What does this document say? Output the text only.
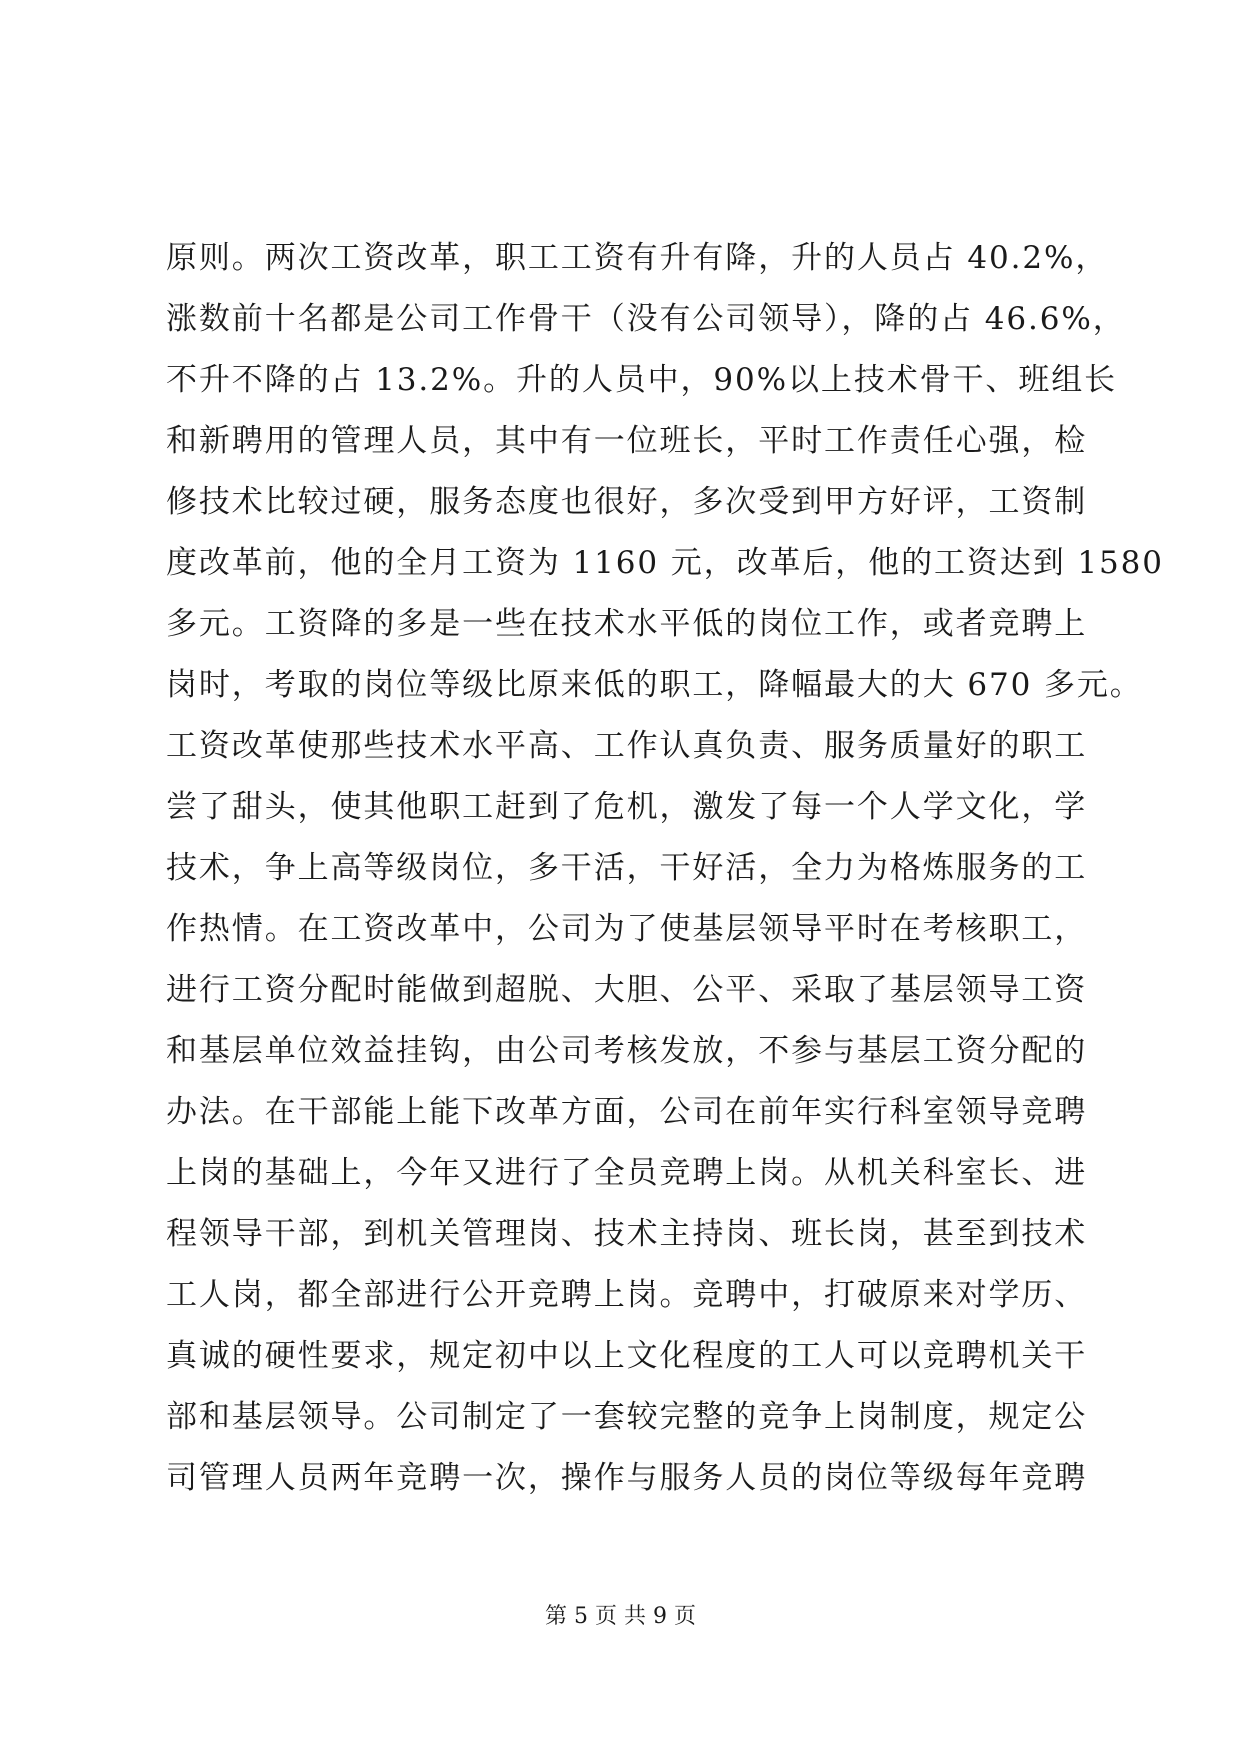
原则。两次工资改革，职工工资有升有降，升的人员占 40.2%，
涨数前十名都是公司工作骨干（没有公司领导），降的占 46.6%，
不升不降的占 13.2%。升的人员中，90%以上技术骨干、班组长
和新聘用的管理人员，其中有一位班长，平时工作责任心强，检
修技术比较过硬，服务态度也很好，多次受到甲方好评，工资制
度改革前，他的全月工资为 1160 元，改革后，他的工资达到 1580
多元。工资降的多是一些在技术水平低的岗位工作，或者竞聘上
岗时，考取的岗位等级比原来低的职工，降幅最大的大 670 多元。
工资改革使那些技术水平高、工作认真负责、服务质量好的职工
尝了甜头，使其他职工赶到了危机，激发了每一个人学文化，学
技术，争上高等级岗位，多干活，干好活，全力为格炼服务的工
作热情。在工资改革中，公司为了使基层领导平时在考核职工，
进行工资分配时能做到超脱、大胆、公平、采取了基层领导工资
和基层单位效益挂钩，由公司考核发放，不参与基层工资分配的
办法。在干部能上能下改革方面，公司在前年实行科室领导竞聘
上岗的基础上，今年又进行了全员竞聘上岗。从机关科室长、进
程领导干部，到机关管理岗、技术主持岗、班长岗，甚至到技术
工人岗，都全部进行公开竞聘上岗。竞聘中，打破原来对学历、
真诚的硬性要求，规定初中以上文化程度的工人可以竞聘机关干
部和基层领导。公司制定了一套较完整的竞争上岗制度，规定公
司管理人员两年竞聘一次，操作与服务人员的岗位等级每年竞聘
第 5 页 共 9 页
